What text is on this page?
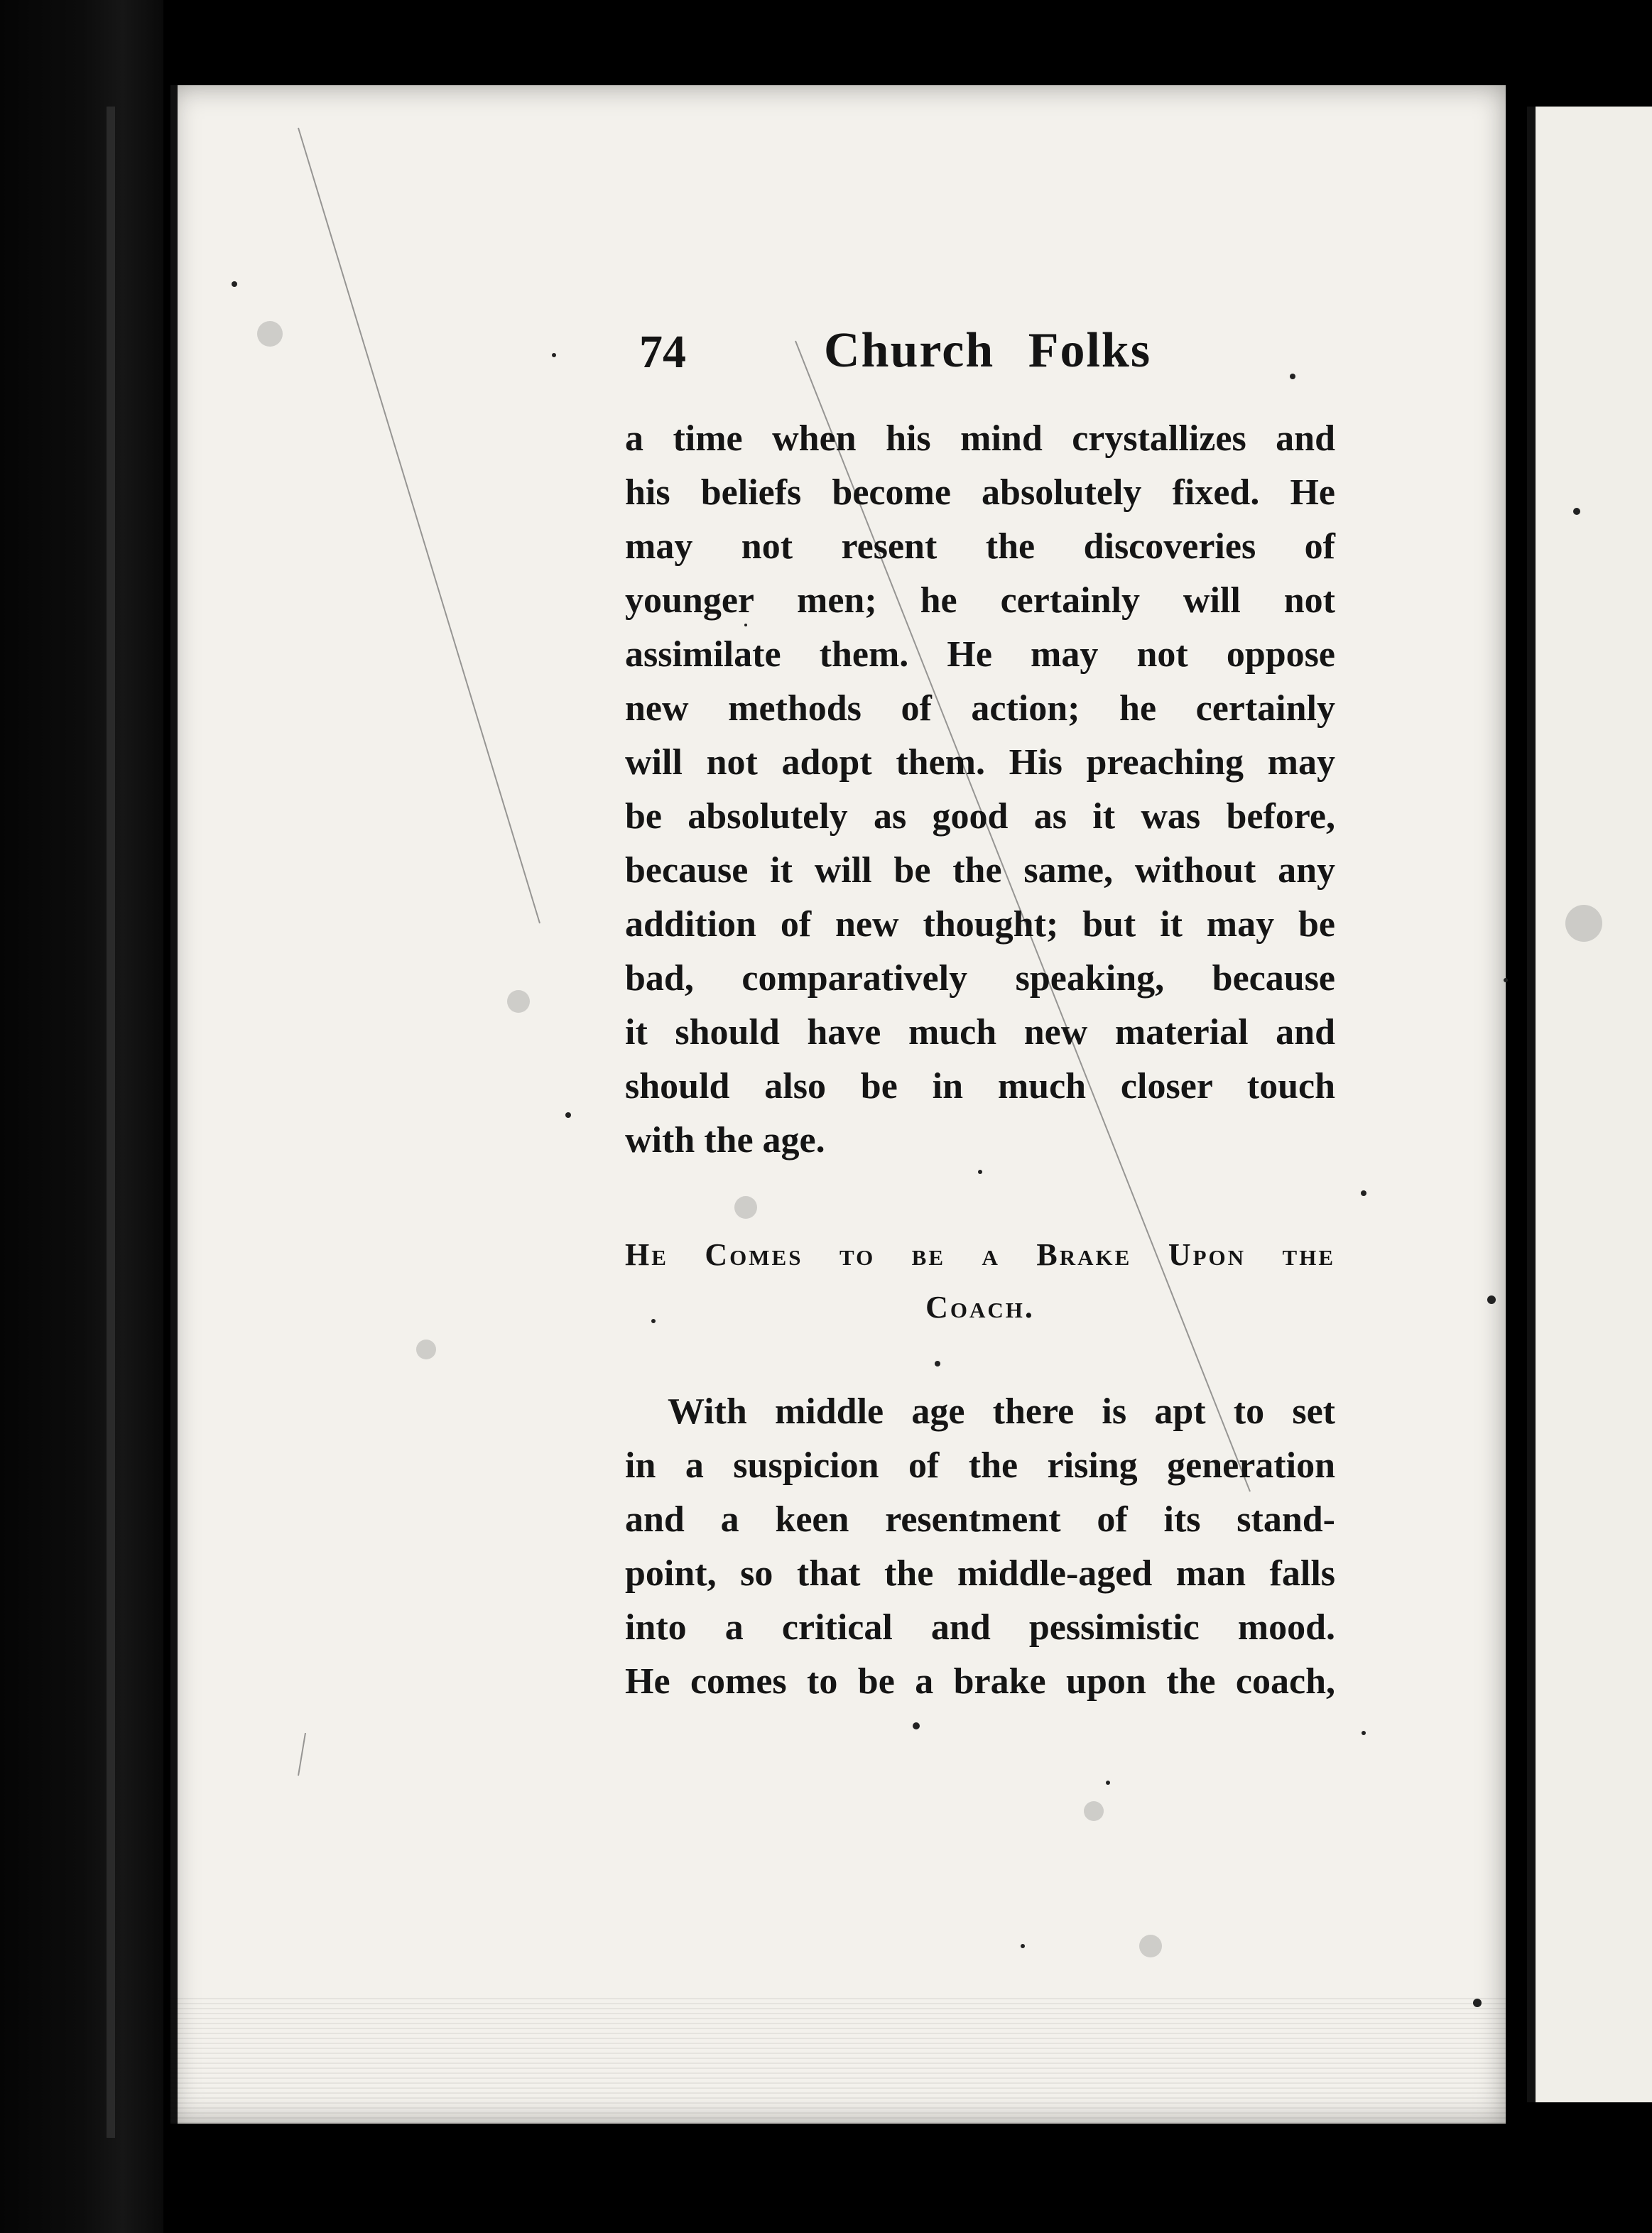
74	Church Folks
a time when his mind crystallizes and
his beliefs become absolutely fixed. He
may not resent the discoveries of
younger men; he certainly will not
assimilate them. He may not oppose
new methods of action; he certainly
will not adopt them. His preaching may
be absolutely as good as it was before,
because it will be the same, without any
addition of new thought; but it may be
bad, comparatively speaking, because
it should have much new material and
should also be in much closer touch
with the age.
He Comes to be a Brake Upon the
Coach.
With middle age there is apt to set
in a suspicion of the rising generation
and a keen resentment of its stand-
point, so that the middle-aged man falls
into a critical and pessimistic mood.
He comes to be a brake upon the coach,
